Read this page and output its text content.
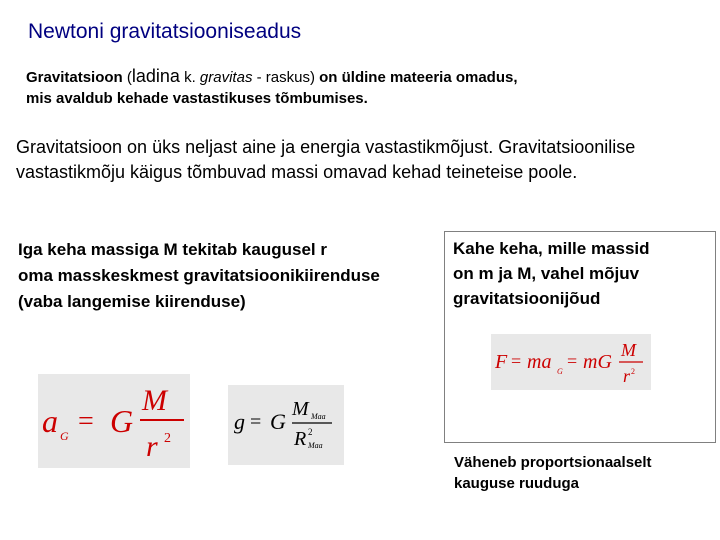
Newtoni gravitatsiooniseadus
Gravitatsioon (ladina k. gravitas - raskus) on üldine mateeria omadus,
mis avaldub kehade vastastikuses tõmbumises.
Gravitatsioon on üks neljast aine ja energia vastastikmõjust. Gravitatsioonilise
vastastikmõju käigus tõmbuvad massi omavad kehad teineteise poole.
Iga keha massiga M tekitab kaugusel r
oma masskeskmest gravitatsioonikiirenduse
(vaba langemise kiirenduse)
Kahe keha, mille massid
on m ja M, vahel mõjuv
gravitatsioonijõud
a G = G
M
r 2
g = G M Maa
R 2
Maa
F = ma G
= mG
M
r 2
Väheneb proportsionaalselt
kauguse ruuduga
